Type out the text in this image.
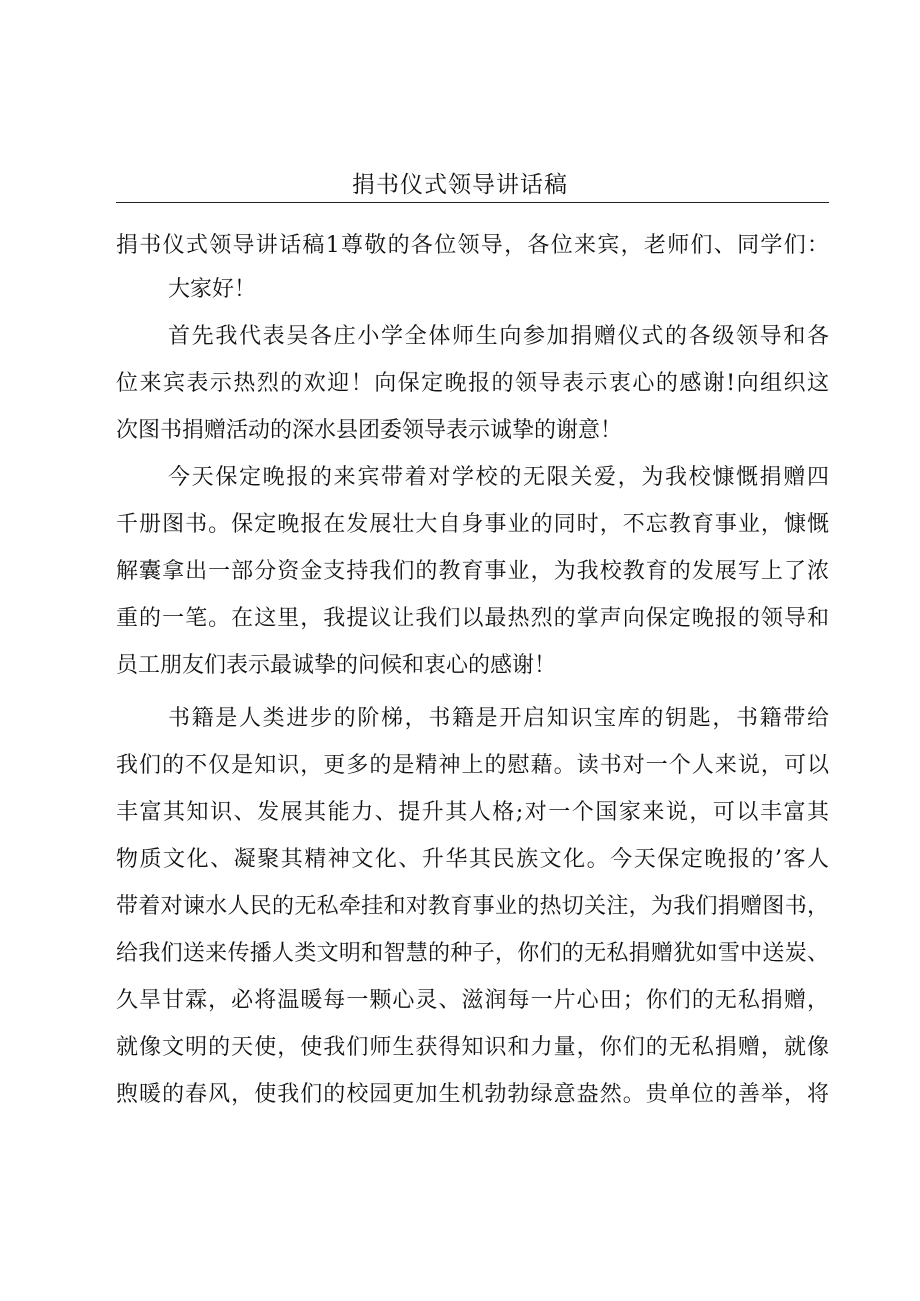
捐书仪式领导讲话稿
捐书仪式领导讲话稿1尊敬的各位领导，各位来宾，老师们、同学们：
大家好！
首先我代表吴各庄小学全体师生向参加捐赠仪式的各级领导和各
位来宾表示热烈的欢迎！向保定晚报的领导表示衷心的感谢!向组织这
次图书捐赠活动的深水县团委领导表示诚挚的谢意！
今天保定晚报的来宾带着对学校的无限关爱，为我校慷慨捐赠四
千册图书。保定晚报在发展壮大自身事业的同时，不忘教育事业，慷慨
解囊拿出一部分资金支持我们的教育事业，为我校教育的发展写上了浓
重的一笔。在这里，我提议让我们以最热烈的掌声向保定晚报的领导和
员工朋友们表示最诚挚的问候和衷心的感谢！
书籍是人类进步的阶梯，书籍是开启知识宝库的钥匙，书籍带给
我们的不仅是知识，更多的是精神上的慰藉。读书对一个人来说，可以
丰富其知识、发展其能力、提升其人格;对一个国家来说，可以丰富其
物质文化、凝聚其精神文化、升华其民族文化。今天保定晚报的’客人
带着对谏水人民的无私牵挂和对教育事业的热切关注，为我们捐赠图书，
给我们送来传播人类文明和智慧的种子，你们的无私捐赠犹如雪中送炭、
久旱甘霖，必将温暖每一颗心灵、滋润每一片心田；你们的无私捐赠，
就像文明的天使，使我们师生获得知识和力量，你们的无私捐赠，就像
煦暖的春风，使我们的校园更加生机勃勃绿意盎然。贵单位的善举，将
